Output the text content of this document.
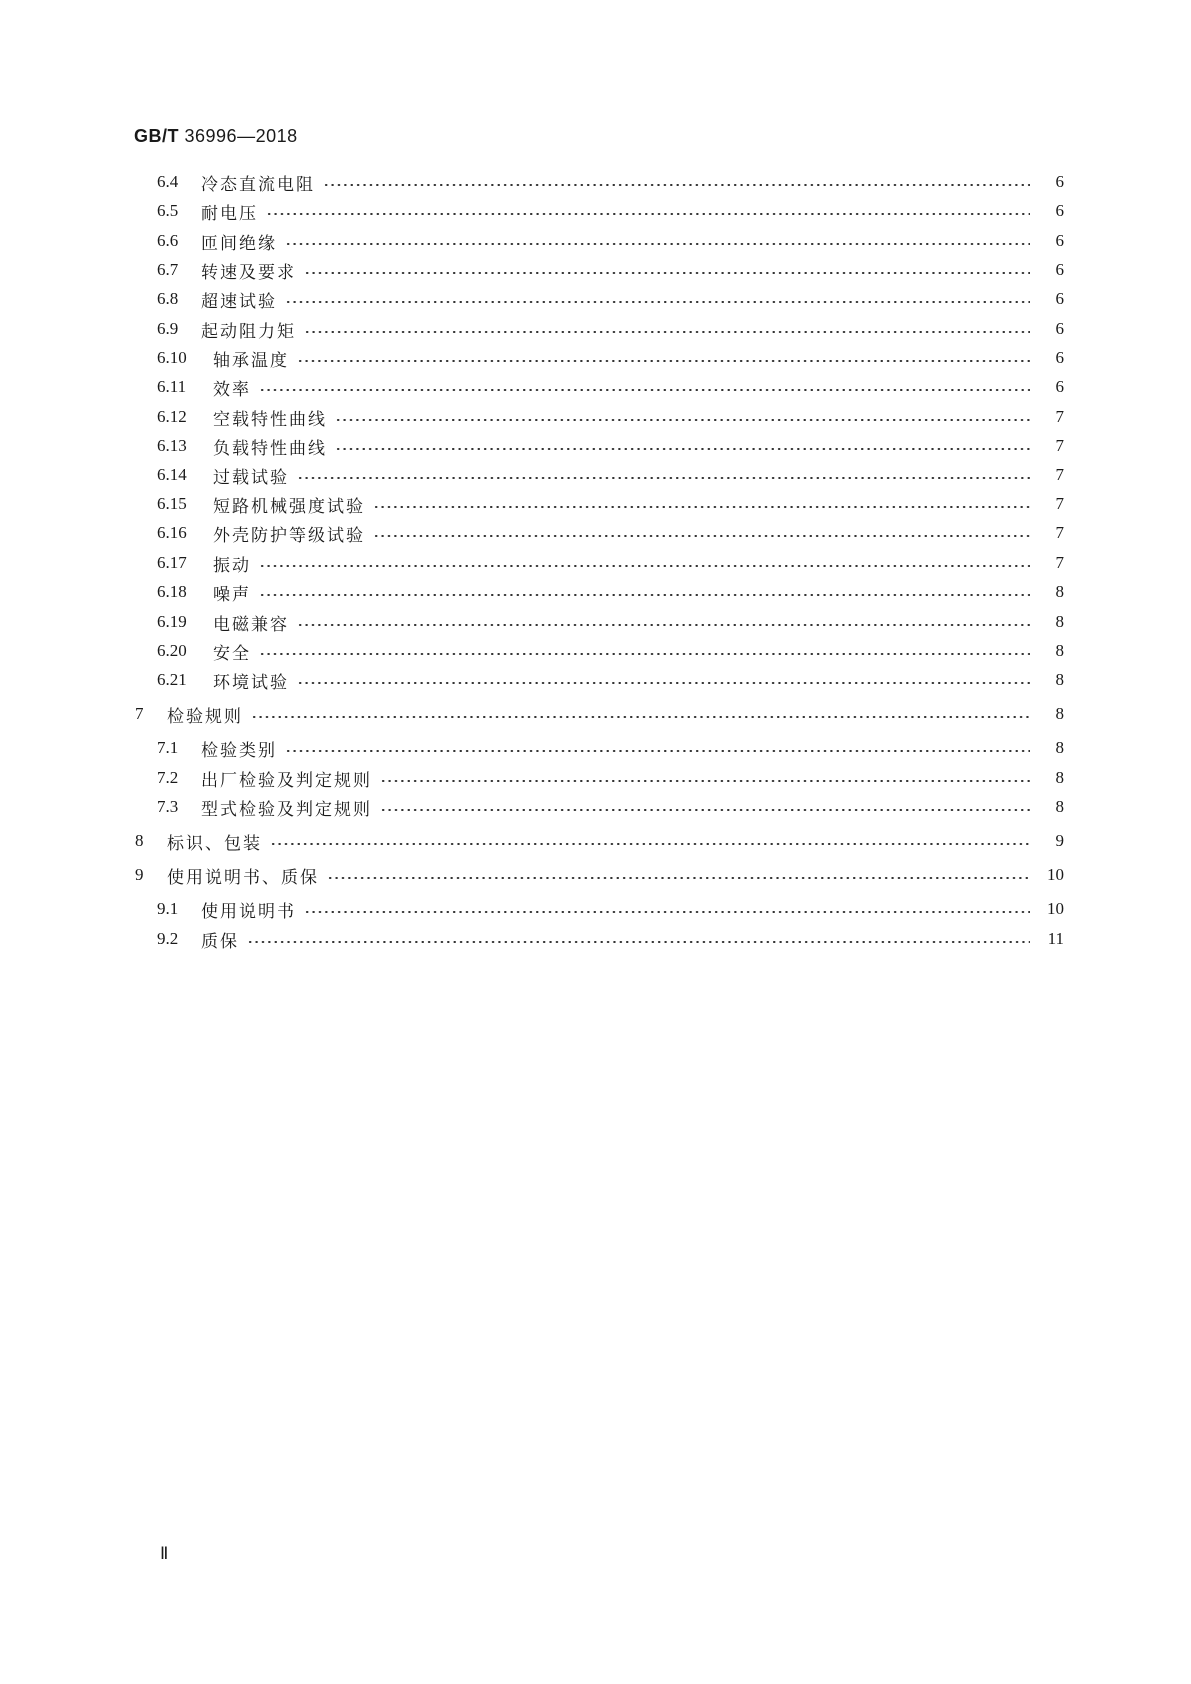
GB/T 36996—2018
6.4	冷态直流电阻	6
6.5	耐电压	6
6.6	匝间绝缘	6
6.7	转速及要求	6
6.8	超速试验	6
6.9	起动阻力矩	6
6.10	轴承温度	6
6.11	效率	6
6.12	空载特性曲线	7
6.13	负载特性曲线	7
6.14	过载试验	7
6.15	短路机械强度试验	7
6.16	外壳防护等级试验	7
6.17	振动	7
6.18	噪声	8
6.19	电磁兼容	8
6.20	安全	8
6.21	环境试验	8
7	检验规则	8
7.1	检验类别	8
7.2	出厂检验及判定规则	8
7.3	型式检验及判定规则	8
8	标识、包装	9
9	使用说明书、质保	10
9.1	使用说明书	10
9.2	质保	11
Ⅱ
